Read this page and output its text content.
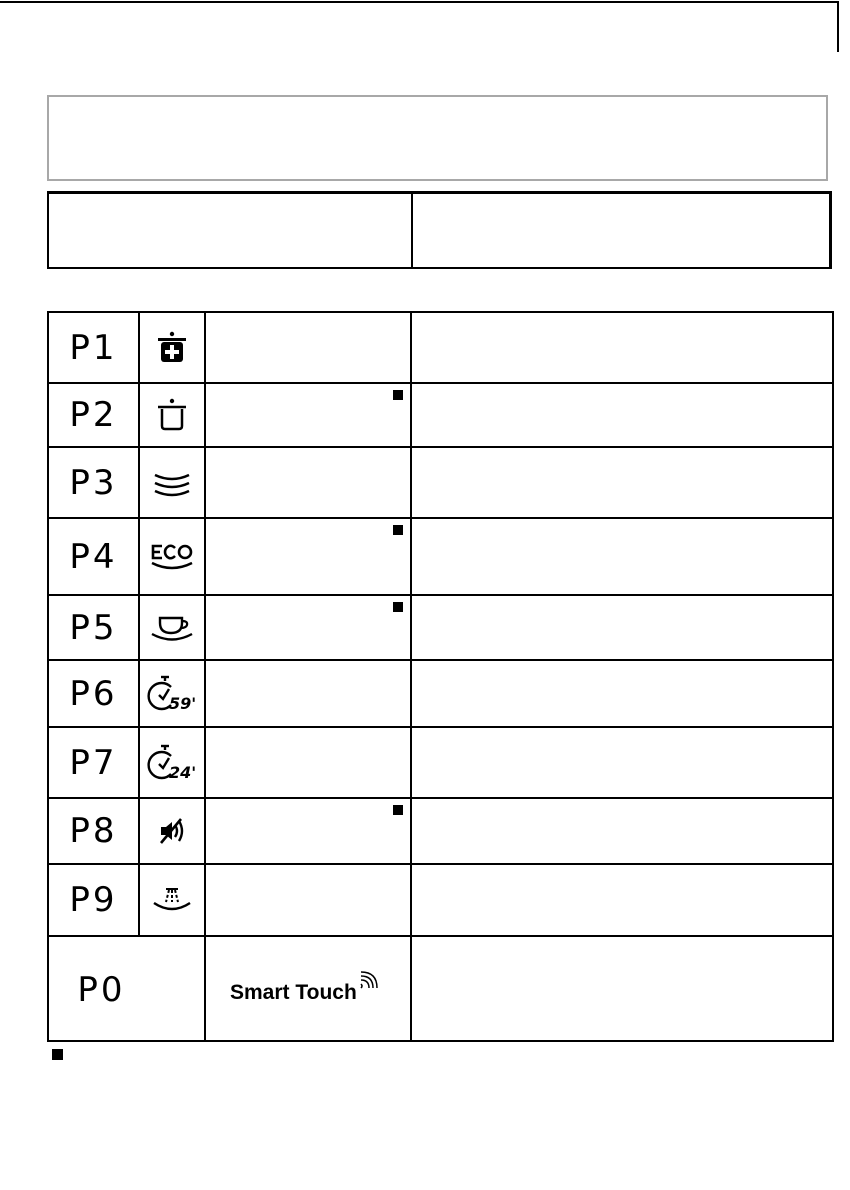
P1
P2
P3
P4
P5
P6	59'
P7	24'
P8
P9
P0	Smart Touch
